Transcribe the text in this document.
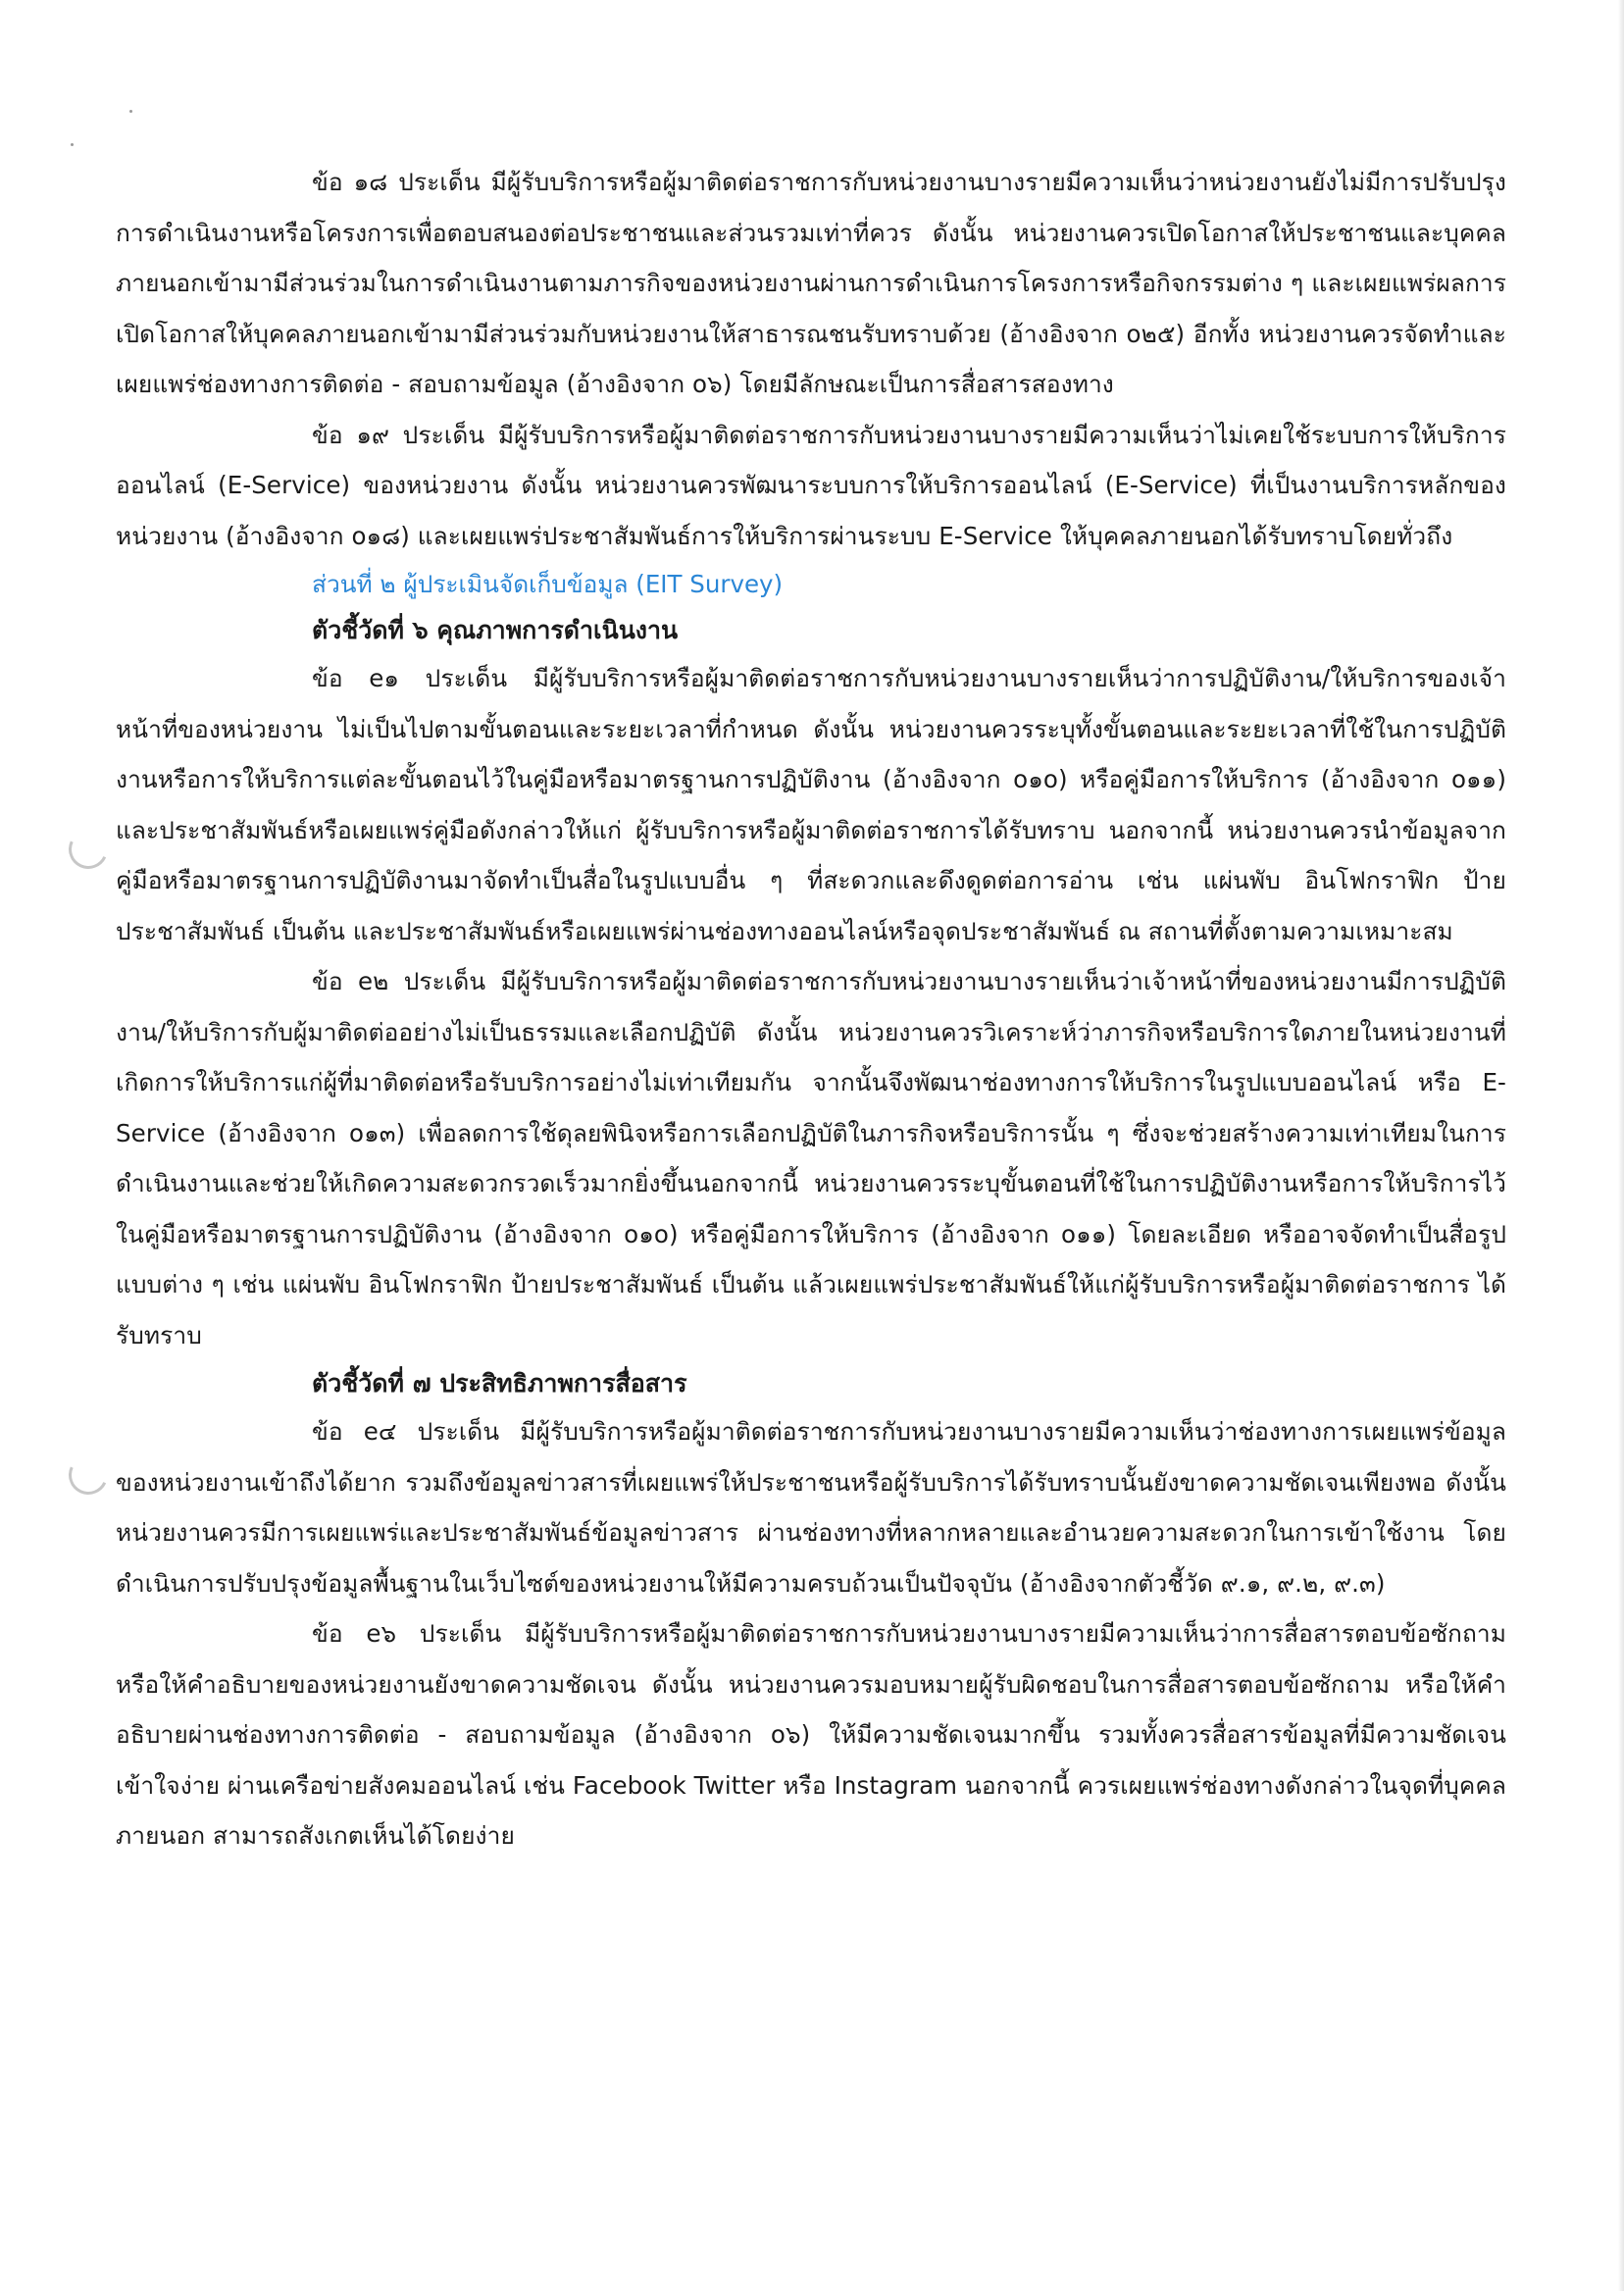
ข้อ ๑๘ ประเด็น มีผู้รับบริการหรือผู้มาติดต่อราชการกับหน่วยงานบางรายมีความเห็นว่าหน่วยงานยังไม่มีการปรับปรุงการดำเนินงานหรือโครงการเพื่อตอบสนองต่อประชาชนและส่วนรวมเท่าที่ควร ดังนั้น หน่วยงานควรเปิดโอกาสให้ประชาชนและบุคคลภายนอกเข้ามามีส่วนร่วมในการดำเนินงานตามภารกิจของหน่วยงานผ่านการดำเนินการโครงการหรือกิจกรรมต่าง ๆ และเผยแพร่ผลการเปิดโอกาสให้บุคคลภายนอกเข้ามามีส่วนร่วมกับหน่วยงานให้สาธารณชนรับทราบด้วย (อ้างอิงจาก o๒๕) อีกทั้ง หน่วยงานควรจัดทำและเผยแพร่ช่องทางการติดต่อ - สอบถามข้อมูล (อ้างอิงจาก o๖) โดยมีลักษณะเป็นการสื่อสารสองทาง

ข้อ ๑๙ ประเด็น มีผู้รับบริการหรือผู้มาติดต่อราชการกับหน่วยงานบางรายมีความเห็นว่าไม่เคยใช้ระบบการให้บริการออนไลน์ (E-Service) ของหน่วยงาน ดังนั้น หน่วยงานควรพัฒนาระบบการให้บริการออนไลน์ (E-Service) ที่เป็นงานบริการหลักของหน่วยงาน (อ้างอิงจาก o๑๘) และเผยแพร่ประชาสัมพันธ์การให้บริการผ่านระบบ E-Service ให้บุคคลภายนอกได้รับทราบโดยทั่วถึง

ส่วนที่ ๒ ผู้ประเมินจัดเก็บข้อมูล (EIT Survey)

ตัวชี้วัดที่ ๖ คุณภาพการดำเนินงาน

ข้อ e๑ ประเด็น มีผู้รับบริการหรือผู้มาติดต่อราชการกับหน่วยงานบางรายเห็นว่าการปฏิบัติงาน/ให้บริการของเจ้าหน้าที่ของหน่วยงาน ไม่เป็นไปตามขั้นตอนและระยะเวลาที่กำหนด ดังนั้น หน่วยงานควรระบุทั้งขั้นตอนและระยะเวลาที่ใช้ในการปฏิบัติงานหรือการให้บริการแต่ละขั้นตอนไว้ในคู่มือหรือมาตรฐานการปฏิบัติงาน (อ้างอิงจาก o๑o) หรือคู่มือการให้บริการ (อ้างอิงจาก o๑๑) และประชาสัมพันธ์หรือเผยแพร่คู่มือดังกล่าวให้แก่ ผู้รับบริการหรือผู้มาติดต่อราชการได้รับทราบ นอกจากนี้ หน่วยงานควรนำข้อมูลจากคู่มือหรือมาตรฐานการปฏิบัติงานมาจัดทำเป็นสื่อในรูปแบบอื่น ๆ ที่สะดวกและดึงดูดต่อการอ่าน เช่น แผ่นพับ อินโฟกราฟิก ป้ายประชาสัมพันธ์ เป็นต้น และประชาสัมพันธ์หรือเผยแพร่ผ่านช่องทางออนไลน์หรือจุดประชาสัมพันธ์ ณ สถานที่ตั้งตามความเหมาะสม

ข้อ e๒ ประเด็น มีผู้รับบริการหรือผู้มาติดต่อราชการกับหน่วยงานบางรายเห็นว่าเจ้าหน้าที่ของหน่วยงานมีการปฏิบัติงาน/ให้บริการกับผู้มาติดต่ออย่างไม่เป็นธรรมและเลือกปฏิบัติ ดังนั้น หน่วยงานควรวิเคราะห์ว่าภารกิจหรือบริการใดภายในหน่วยงานที่เกิดการให้บริการแก่ผู้ที่มาติดต่อหรือรับบริการอย่างไม่เท่าเทียมกัน จากนั้นจึงพัฒนาช่องทางการให้บริการในรูปแบบออนไลน์ หรือ E-Service (อ้างอิงจาก o๑๓) เพื่อลดการใช้ดุลยพินิจหรือการเลือกปฏิบัติในภารกิจหรือบริการนั้น ๆ ซึ่งจะช่วยสร้างความเท่าเทียมในการดำเนินงานและช่วยให้เกิดความสะดวกรวดเร็วมากยิ่งขึ้นนอกจากนี้ หน่วยงานควรระบุขั้นตอนที่ใช้ในการปฏิบัติงานหรือการให้บริการไว้ในคู่มือหรือมาตรฐานการปฏิบัติงาน (อ้างอิงจาก o๑o) หรือคู่มือการให้บริการ (อ้างอิงจาก o๑๑) โดยละเอียด หรืออาจจัดทำเป็นสื่อรูปแบบต่าง ๆ เช่น แผ่นพับ อินโฟกราฟิก ป้ายประชาสัมพันธ์ เป็นต้น แล้วเผยแพร่ประชาสัมพันธ์ให้แก่ผู้รับบริการหรือผู้มาติดต่อราชการ ได้รับทราบ

ตัวชี้วัดที่ ๗ ประสิทธิภาพการสื่อสาร

ข้อ e๔ ประเด็น มีผู้รับบริการหรือผู้มาติดต่อราชการกับหน่วยงานบางรายมีความเห็นว่าช่องทางการเผยแพร่ข้อมูลของหน่วยงานเข้าถึงได้ยาก รวมถึงข้อมูลข่าวสารที่เผยแพร่ให้ประชาชนหรือผู้รับบริการได้รับทราบนั้นยังขาดความชัดเจนเพียงพอ ดังนั้น หน่วยงานควรมีการเผยแพร่และประชาสัมพันธ์ข้อมูลข่าวสาร ผ่านช่องทางที่หลากหลายและอำนวยความสะดวกในการเข้าใช้งาน โดยดำเนินการปรับปรุงข้อมูลพื้นฐานในเว็บไซต์ของหน่วยงานให้มีความครบถ้วนเป็นปัจจุบัน (อ้างอิงจากตัวชี้วัด ๙.๑, ๙.๒, ๙.๓)

ข้อ e๖ ประเด็น มีผู้รับบริการหรือผู้มาติดต่อราชการกับหน่วยงานบางรายมีความเห็นว่าการสื่อสารตอบข้อซักถาม หรือให้คำอธิบายของหน่วยงานยังขาดความชัดเจน ดังนั้น หน่วยงานควรมอบหมายผู้รับผิดชอบในการสื่อสารตอบข้อซักถาม หรือให้คำอธิบายผ่านช่องทางการติดต่อ - สอบถามข้อมูล (อ้างอิงจาก o๖) ให้มีความชัดเจนมากขึ้น รวมทั้งควรสื่อสารข้อมูลที่มีความชัดเจน เข้าใจง่าย ผ่านเครือข่ายสังคมออนไลน์ เช่น Facebook Twitter หรือ Instagram นอกจากนี้ ควรเผยแพร่ช่องทางดังกล่าวในจุดที่บุคคลภายนอก สามารถสังเกตเห็นได้โดยง่าย
